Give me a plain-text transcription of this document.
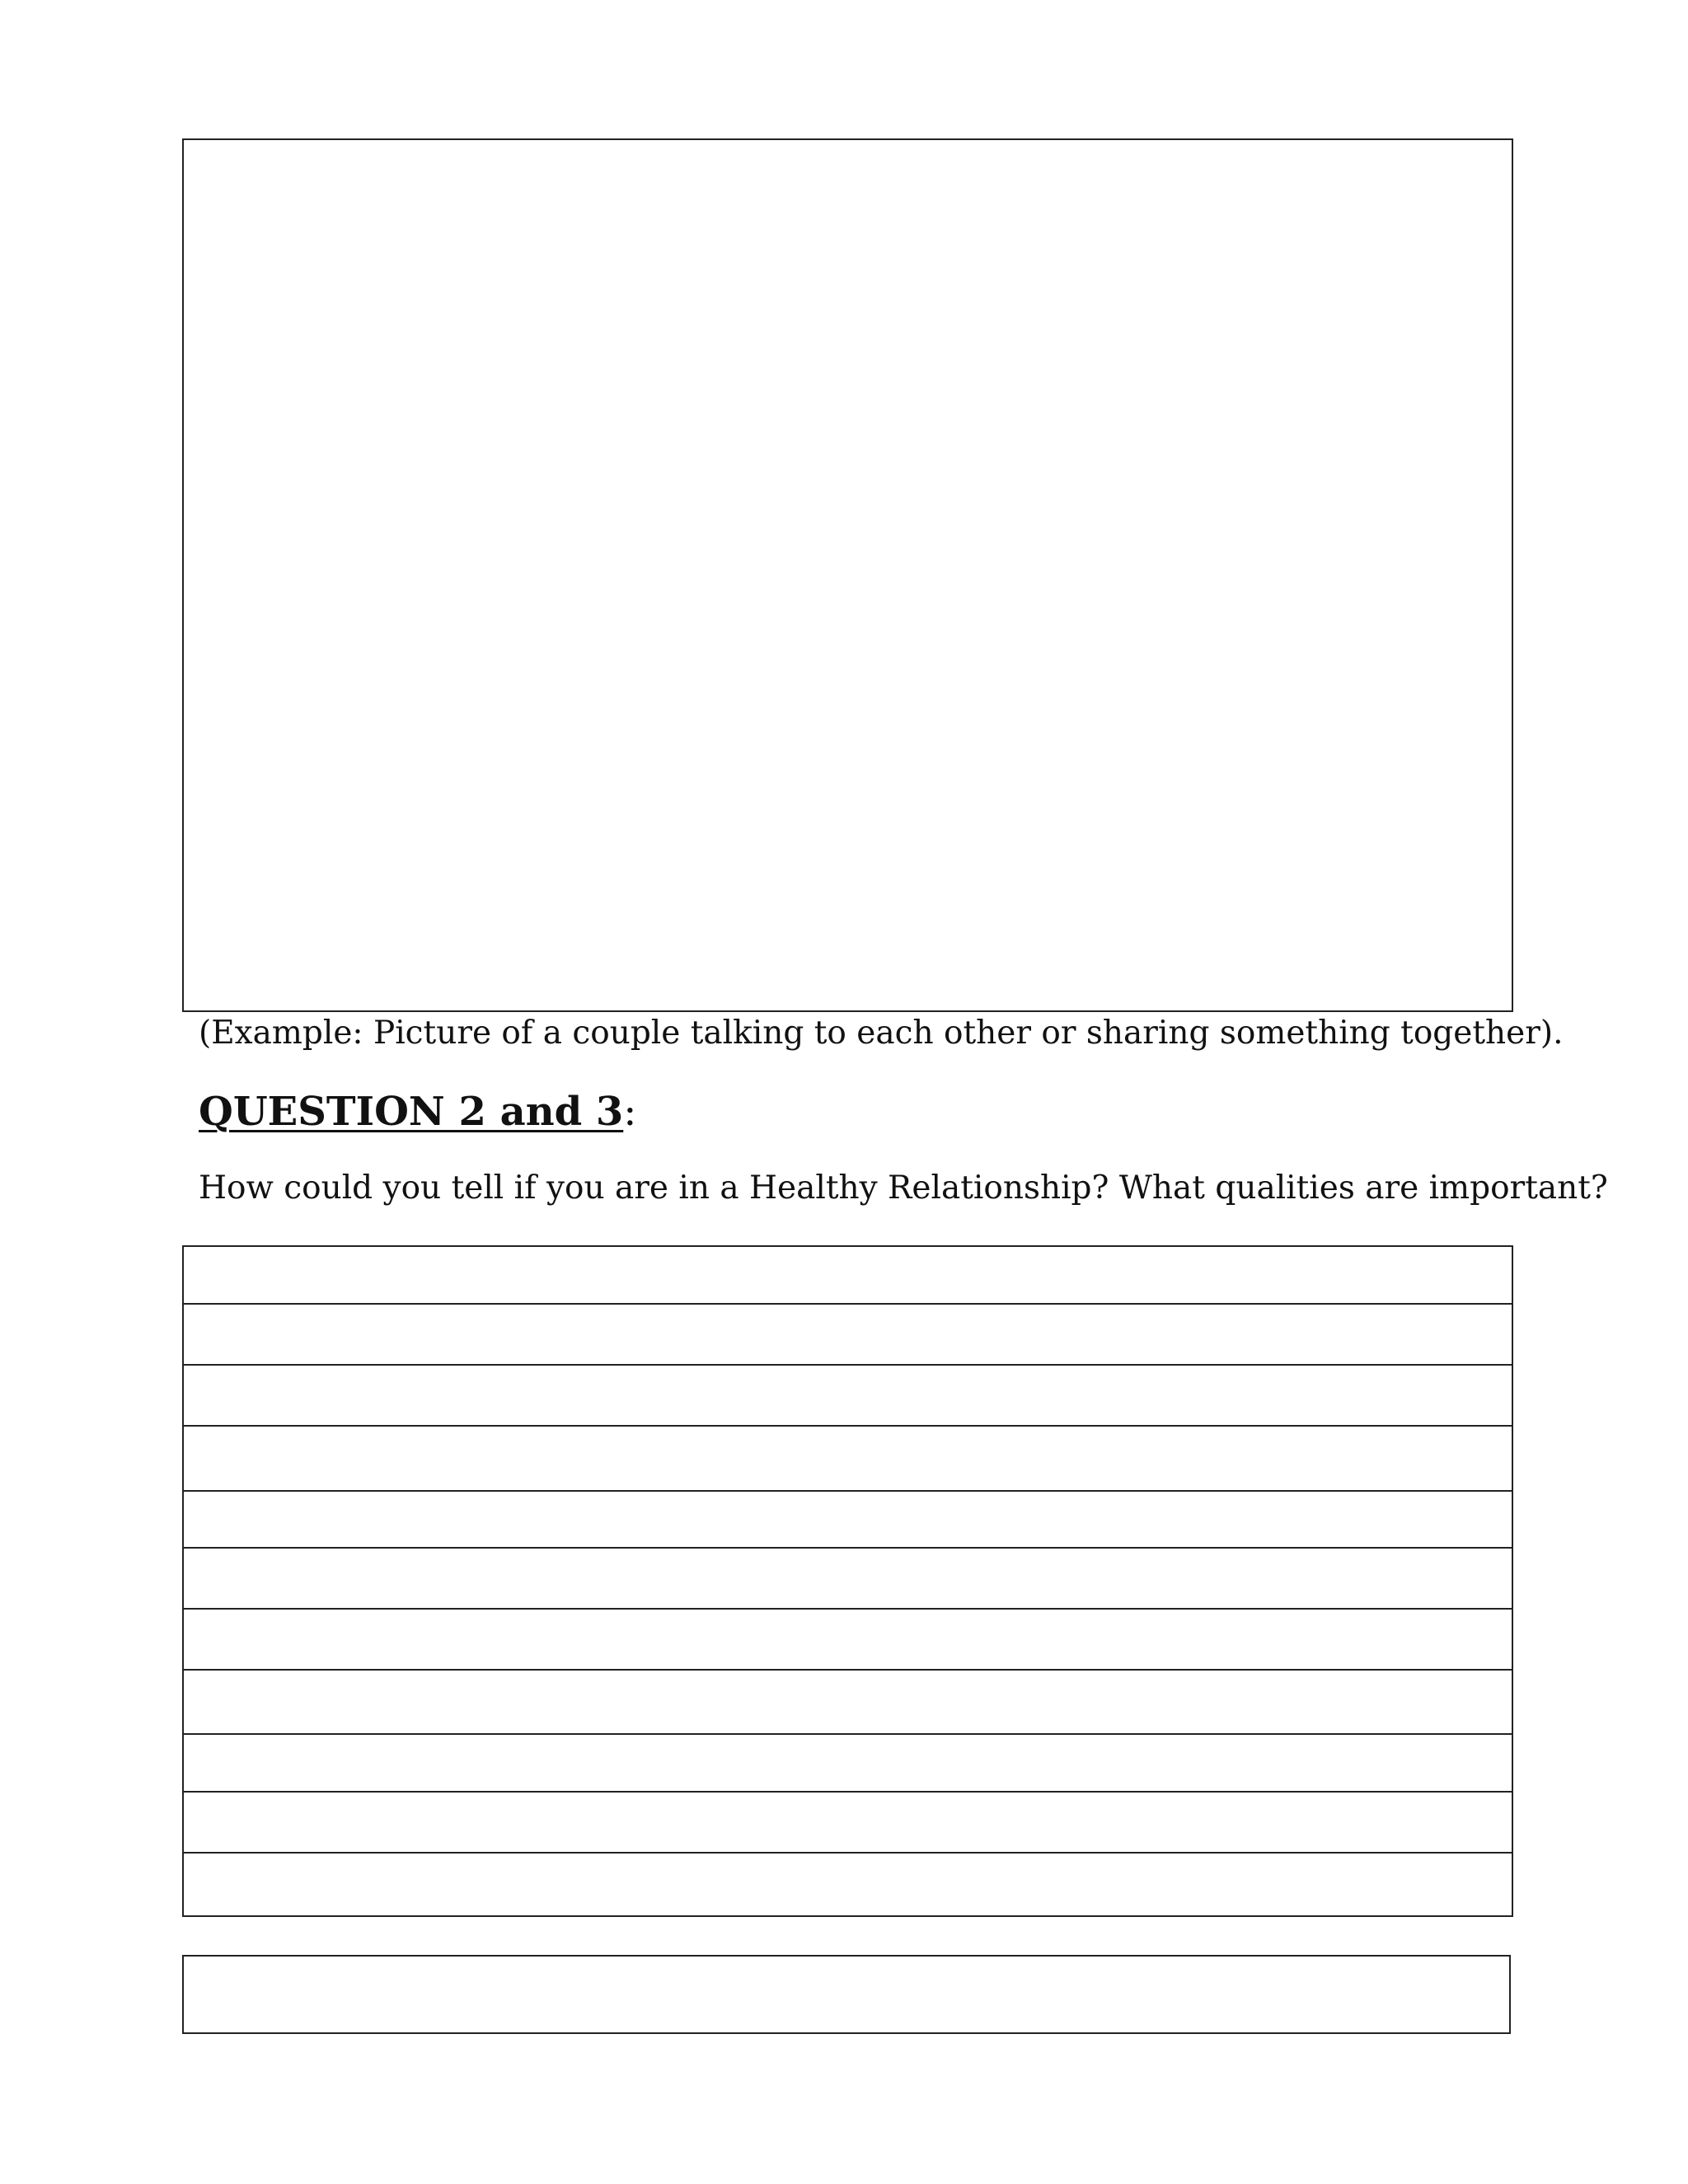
(Example: Picture of a couple talking to each other or sharing something together).
QUESTION 2 and 3:
How could you tell if you are in a Healthy Relationship? What qualities are important?
